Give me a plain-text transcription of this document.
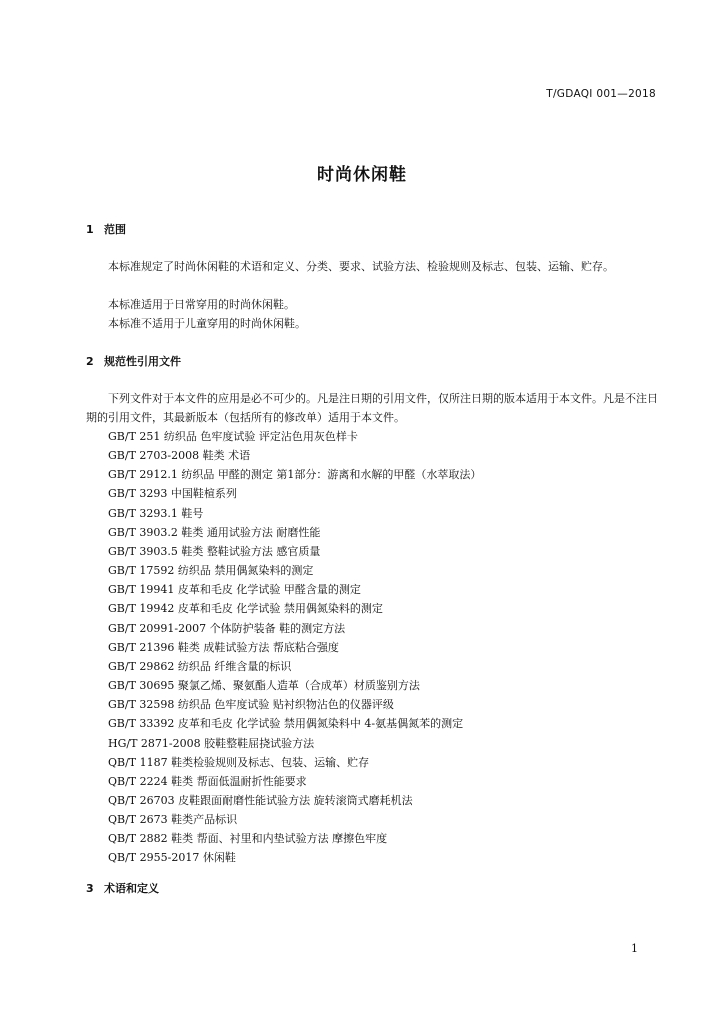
T/GDAQI 001—2018
时尚休闲鞋
1 范围
本标准规定了时尚休闲鞋的术语和定义、分类、要求、试验方法、检验规则及标志、包装、运输、贮存。
本标准适用于日常穿用的时尚休闲鞋。
本标准不适用于儿童穿用的时尚休闲鞋。
2 规范性引用文件
下列文件对于本文件的应用是必不可少的。凡是注日期的引用文件，仅所注日期的版本适用于本文件。凡是不注日期的引用文件，其最新版本（包括所有的修改单）适用于本文件。
GB/T 251 纺织品 色牢度试验 评定沾色用灰色样卡
GB/T 2703-2008 鞋类 术语
GB/T 2912.1 纺织品 甲醛的测定 第1部分：游离和水解的甲醛（水萃取法）
GB/T 3293 中国鞋楦系列
GB/T 3293.1 鞋号
GB/T 3903.2 鞋类 通用试验方法 耐磨性能
GB/T 3903.5 鞋类 整鞋试验方法 感官质量
GB/T 17592 纺织品 禁用偶氮染料的测定
GB/T 19941 皮革和毛皮 化学试验 甲醛含量的测定
GB/T 19942 皮革和毛皮 化学试验 禁用偶氮染料的测定
GB/T 20991-2007 个体防护装备 鞋的测定方法
GB/T 21396 鞋类 成鞋试验方法 帮底粘合强度
GB/T 29862 纺织品 纤维含量的标识
GB/T 30695 聚氯乙烯、聚氨酯人造革（合成革）材质鉴别方法
GB/T 32598 纺织品 色牢度试验 贴衬织物沾色的仪器评级
GB/T 33392 皮革和毛皮 化学试验 禁用偶氮染料中 4-氨基偶氮苯的测定
HG/T 2871-2008 胶鞋整鞋屈挠试验方法
QB/T 1187 鞋类检验规则及标志、包装、运输、贮存
QB/T 2224 鞋类 帮面低温耐折性能要求
QB/T 26703 皮鞋跟面耐磨性能试验方法 旋转滚筒式磨耗机法
QB/T 2673 鞋类产品标识
QB/T 2882 鞋类 帮面、衬里和内垫试验方法 摩擦色牢度
QB/T 2955-2017 休闲鞋
3 术语和定义
1
